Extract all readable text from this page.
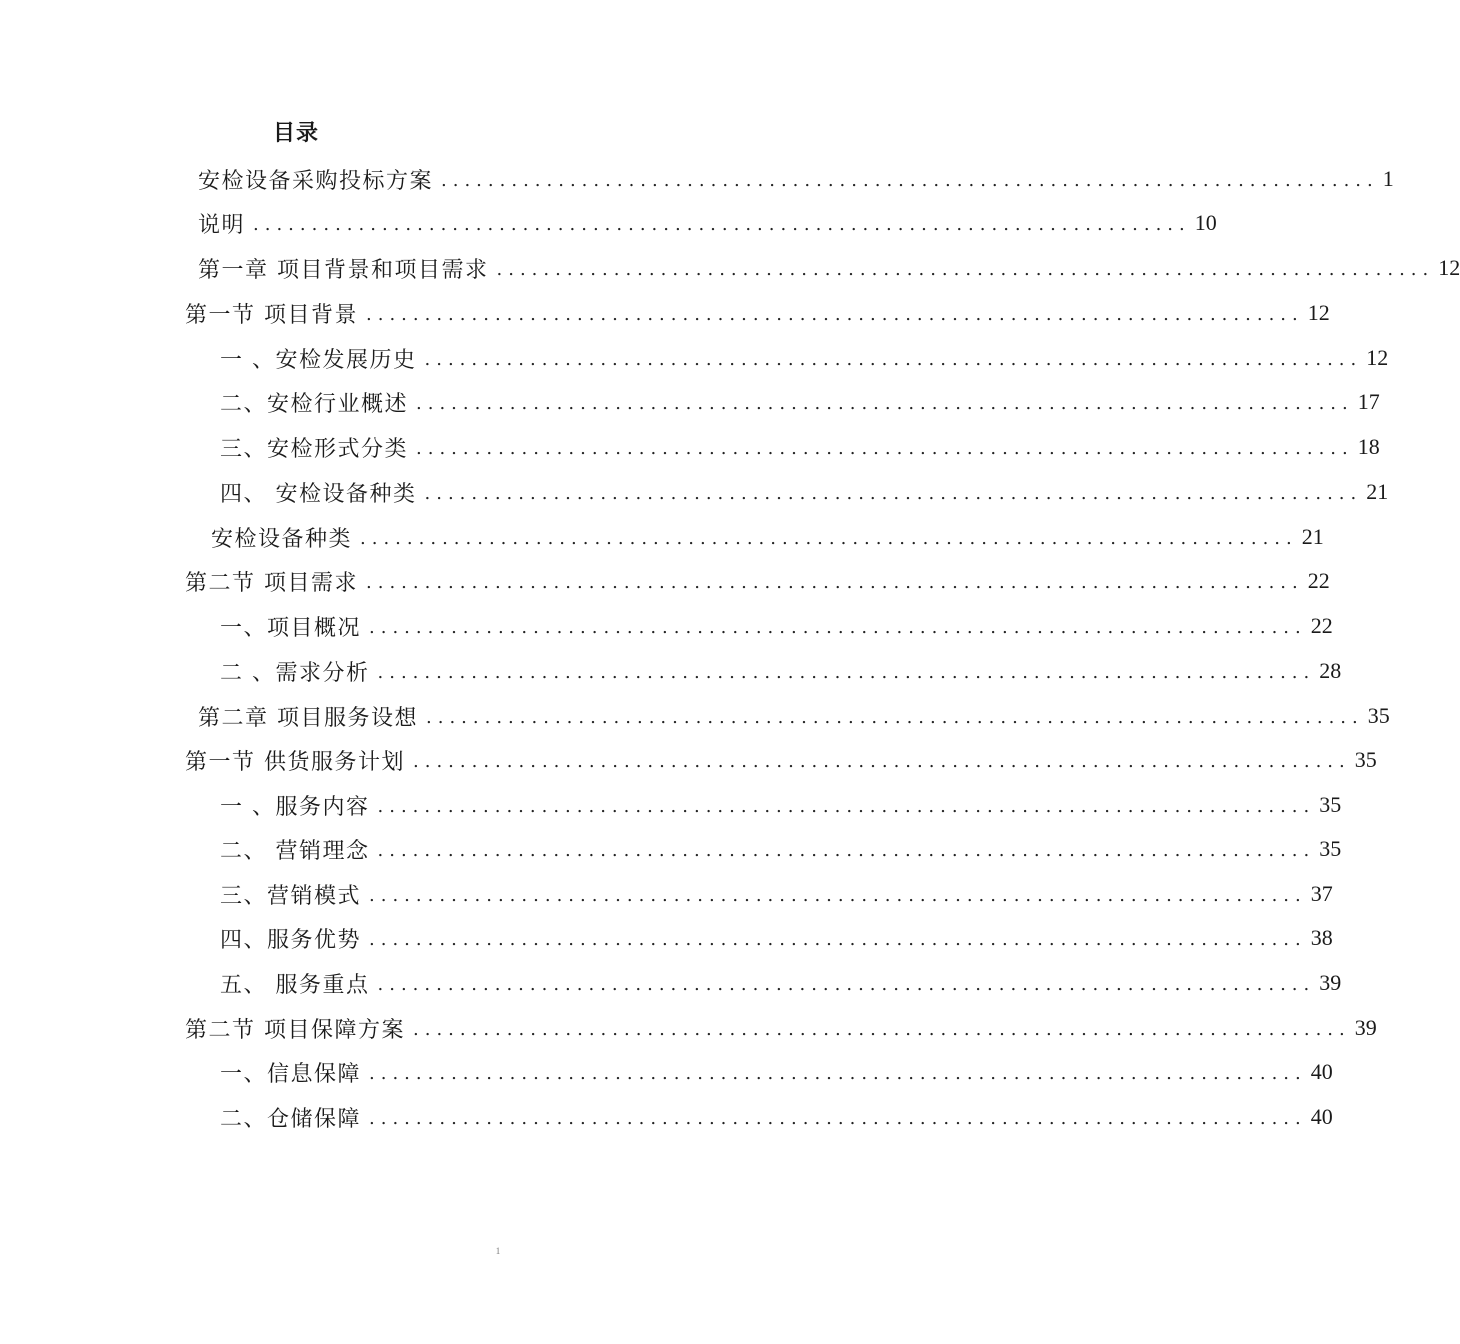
目录
安检设备采购投标方案 ................................................................................ 1
说明 ................................................................................ 10
第一章 项目背景和项目需求 ................................................................................ 12
第一节 项目背景 ................................................................................ 12
一 、安检发展历史 ................................................................................ 12
二、安检行业概述 ................................................................................ 17
三、安检形式分类 ................................................................................ 18
四、 安检设备种类 ................................................................................ 21
安检设备种类 ................................................................................ 21
第二节 项目需求 ................................................................................ 22
一、项目概况 ................................................................................ 22
二 、需求分析 ................................................................................ 28
第二章 项目服务设想 ................................................................................ 35
第一节 供货服务计划 ................................................................................ 35
一 、服务内容 ................................................................................ 35
二、 营销理念 ................................................................................ 35
三、营销模式 ................................................................................ 37
四、服务优势 ................................................................................ 38
五、 服务重点 ................................................................................ 39
第二节 项目保障方案 ................................................................................ 39
一、信息保障 ................................................................................ 40
二、仓储保障 ................................................................................ 40
1
